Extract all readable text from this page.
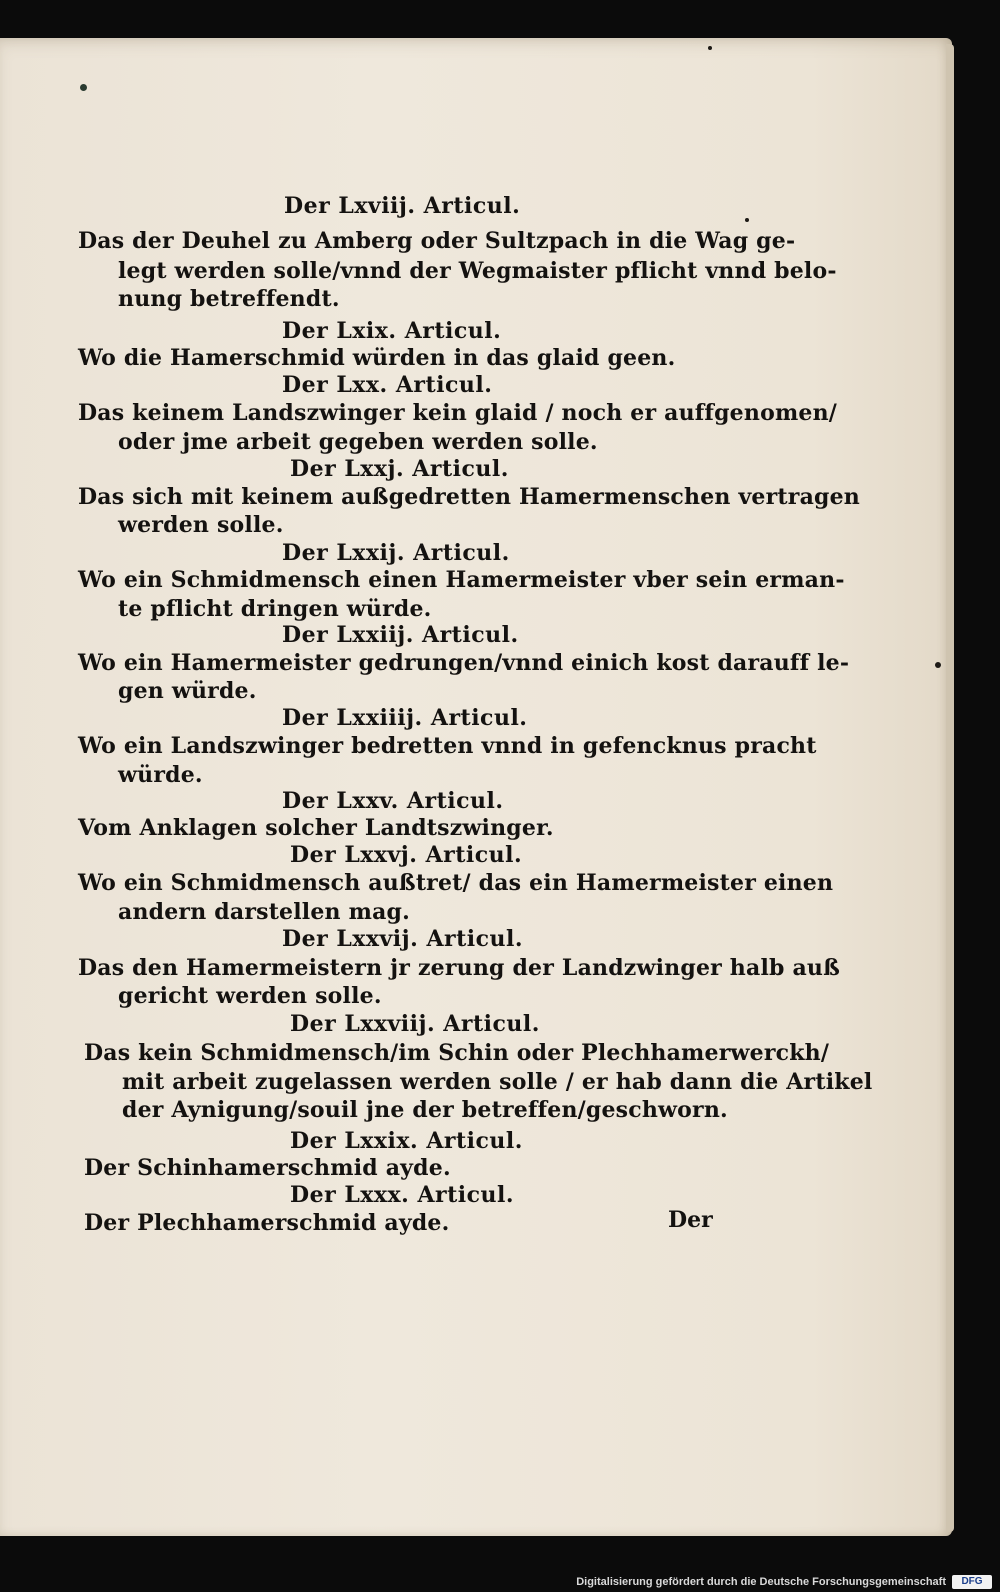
Der Lxviij. Articul.
Das der Deuhel zu Amberg oder Sultzpach in die Wag ge-
legt werden solle/vnnd der Wegmaister pflicht vnnd belo-
nung betreffendt.
Der Lxix. Articul.
Wo die Hamerschmid würden in das glaid geen.
Der Lxx. Articul.
Das keinem Landszwinger kein glaid / noch er auffgenomen/
oder jme arbeit gegeben werden solle.
Der Lxxj. Articul.
Das sich mit keinem außgedretten Hamermenschen vertragen
werden solle.
Der Lxxij. Articul.
Wo ein Schmidmensch einen Hamermeister vber sein erman-
te pflicht dringen würde.
Der Lxxiij. Articul.
Wo ein Hamermeister gedrungen/vnnd einich kost darauff le-
gen würde.
Der Lxxiiij. Articul.
Wo ein Landszwinger bedretten vnnd in gefencknus pracht
würde.
Der Lxxv. Articul.
Vom Anklagen solcher Landtszwinger.
Der Lxxvj. Articul.
Wo ein Schmidmensch außtret/ das ein Hamermeister einen
andern darstellen mag.
Der Lxxvij. Articul.
Das den Hamermeistern jr zerung der Landzwinger halb auß
gericht werden solle.
Der Lxxviij. Articul.
Das kein Schmidmensch/im Schin oder Plechhamerwerckh/
mit arbeit zugelassen werden solle / er hab dann die Artikel
der Aynigung/souil jne der betreffen/geschworn.
Der Lxxix. Articul.
Der Schinhamerschmid ayde.
Der Lxxx. Articul.
Der Plechhamerschmid ayde.	Der
Digitalisierung gefördert durch die Deutsche Forschungsgemeinschaft	DFG
